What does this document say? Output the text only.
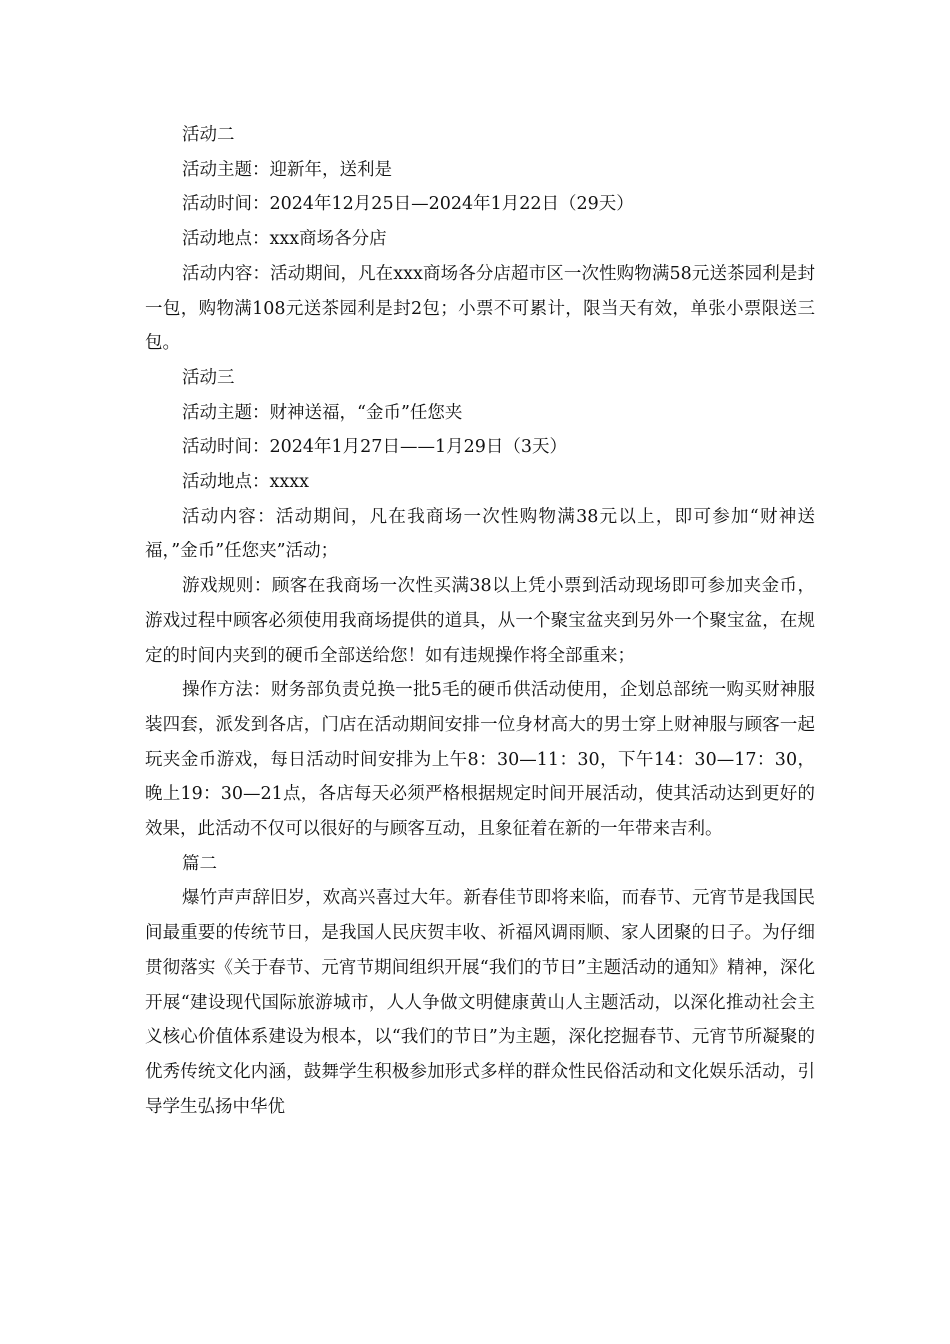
活动二

活动主题：迎新年，送利是

活动时间：2024年12月25日—2024年1月22日（29天）

活动地点：xxx商场各分店

活动内容：活动期间，凡在xxx商场各分店超市区一次性购物满58元送茶园利是封一包，购物满108元送茶园利是封2包；小票不可累计，限当天有效，单张小票限送三包。

活动三

活动主题：财神送福，“金币”任您夹

活动时间：2024年1月27日——1月29日（3天）

活动地点：xxxx

活动内容：活动期间，凡在我商场一次性购物满38元以上，即可参加“财神送福，”金币”任您夹”活动；

游戏规则：顾客在我商场一次性买满38以上凭小票到活动现场即可参加夹金币，游戏过程中顾客必须使用我商场提供的道具，从一个聚宝盆夹到另外一个聚宝盆，在规定的时间内夹到的硬币全部送给您！如有违规操作将全部重来；

操作方法：财务部负责兑换一批5毛的硬币供活动使用，企划总部统一购买财神服装四套，派发到各店，门店在活动期间安排一位身材高大的男士穿上财神服与顾客一起玩夹金币游戏，每日活动时间安排为上午8：30—11：30，下午14：30—17：30，晚上19：30—21点，各店每天必须严格根据规定时间开展活动，使其活动达到更好的效果，此活动不仅可以很好的与顾客互动，且象征着在新的一年带来吉利。

篇二

爆竹声声辞旧岁，欢高兴喜过大年。新春佳节即将来临，而春节、元宵节是我国民间最重要的传统节日，是我国人民庆贺丰收、祈福风调雨顺、家人团聚的日子。为仔细贯彻落实《关于春节、元宵节期间组织开展“我们的节日”主题活动的通知》精神，深化开展“建设现代国际旅游城市，人人争做文明健康黄山人主题活动，以深化推动社会主义核心价值体系建设为根本，以“我们的节日”为主题，深化挖掘春节、元宵节所凝聚的优秀传统文化内涵，鼓舞学生积极参加形式多样的群众性民俗活动和文化娱乐活动，引导学生弘扬中华优
